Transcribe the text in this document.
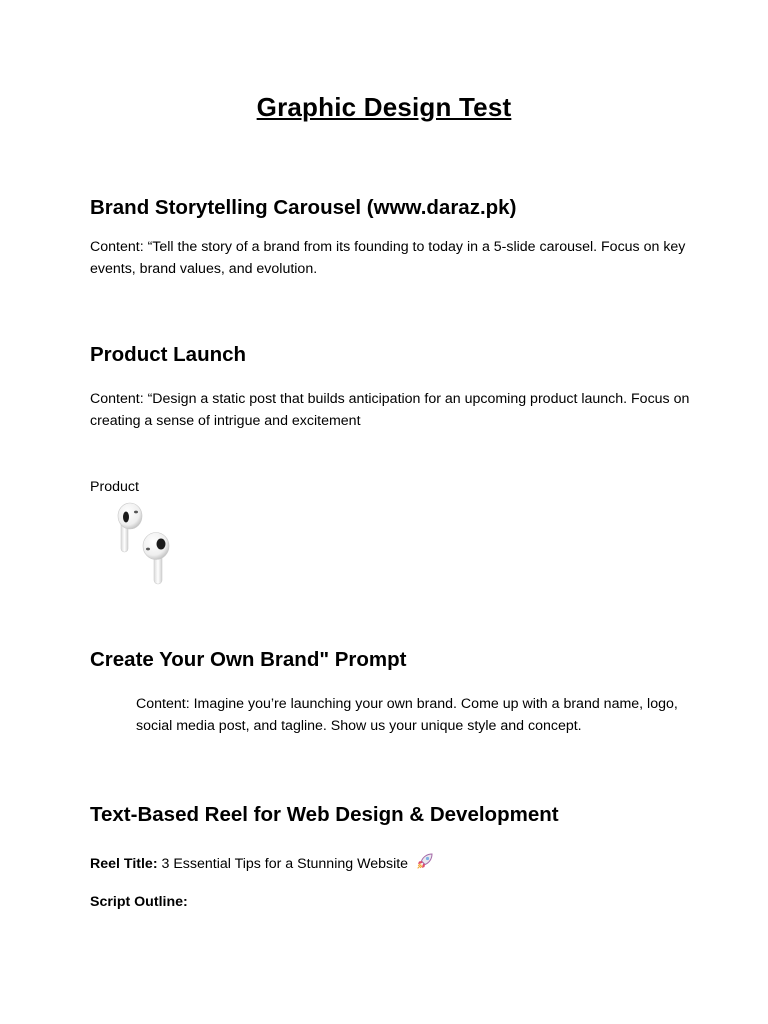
Graphic Design Test
Brand Storytelling Carousel (www.daraz.pk)
Content: “Tell the story of a brand from its founding to today in a 5-slide carousel. Focus on key events, brand values, and evolution.
Product Launch
Content: “Design a static post that builds anticipation for an upcoming product launch. Focus on creating a sense of intrigue and excitement
Product
Create Your Own Brand" Prompt
Content: Imagine you’re launching your own brand. Come up with a brand name, logo, social media post, and tagline. Show us your unique style and concept.
Text-Based Reel for Web Design & Development
Reel Title: 3 Essential Tips for a Stunning Website
Script Outline:
